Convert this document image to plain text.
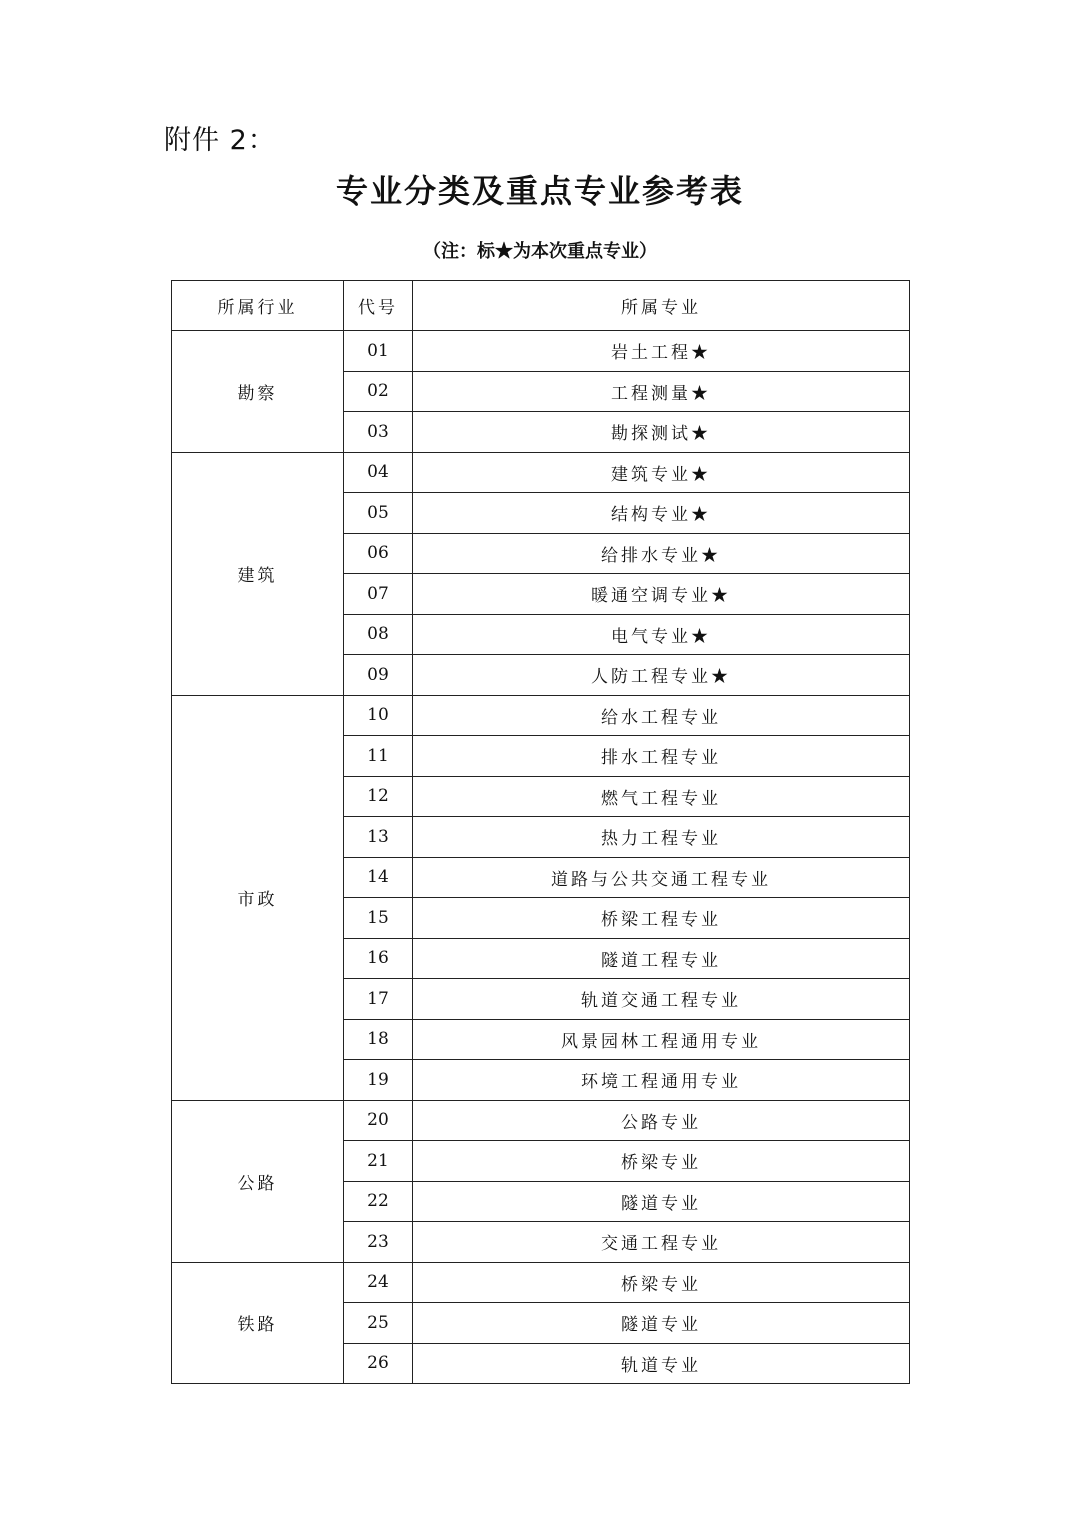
附件 2：
专业分类及重点专业参考表
（注：标★为本次重点专业）
所属行业	代号	所属专业
勘察	01	岩土工程★
	02	工程测量★
	03	勘探测试★
建筑	04	建筑专业★
	05	结构专业★
	06	给排水专业★
	07	暖通空调专业★
	08	电气专业★
	09	人防工程专业★
市政	10	给水工程专业
	11	排水工程专业
	12	燃气工程专业
	13	热力工程专业
	14	道路与公共交通工程专业
	15	桥梁工程专业
	16	隧道工程专业
	17	轨道交通工程专业
	18	风景园林工程通用专业
	19	环境工程通用专业
公路	20	公路专业
	21	桥梁专业
	22	隧道专业
	23	交通工程专业
铁路	24	桥梁专业
	25	隧道专业
	26	轨道专业
